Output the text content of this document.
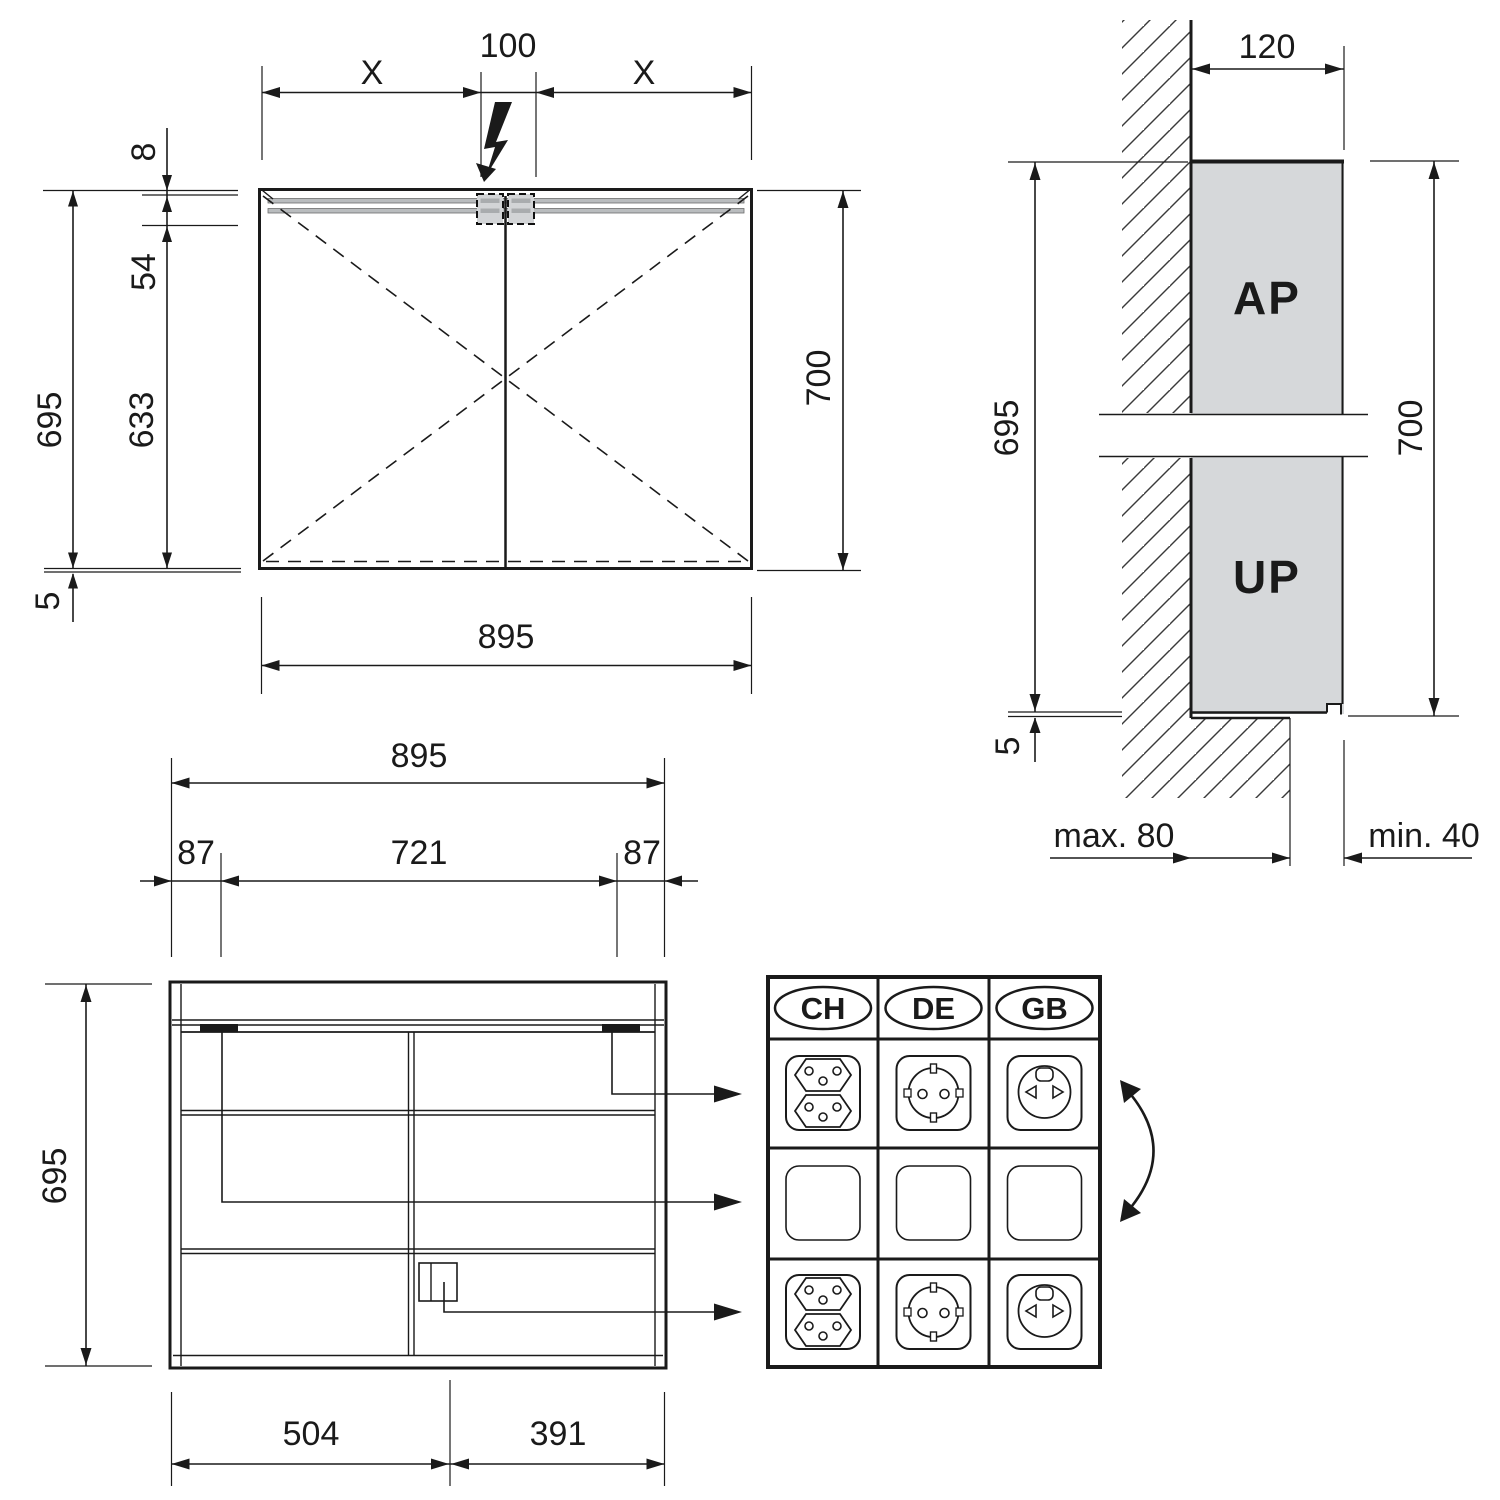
X
100
X
8
54
633
695
5
700
895
AP
UP
120
695
5
700
max. 80	min. 40
895
87	721	87
695
504	391
CH DE GB
